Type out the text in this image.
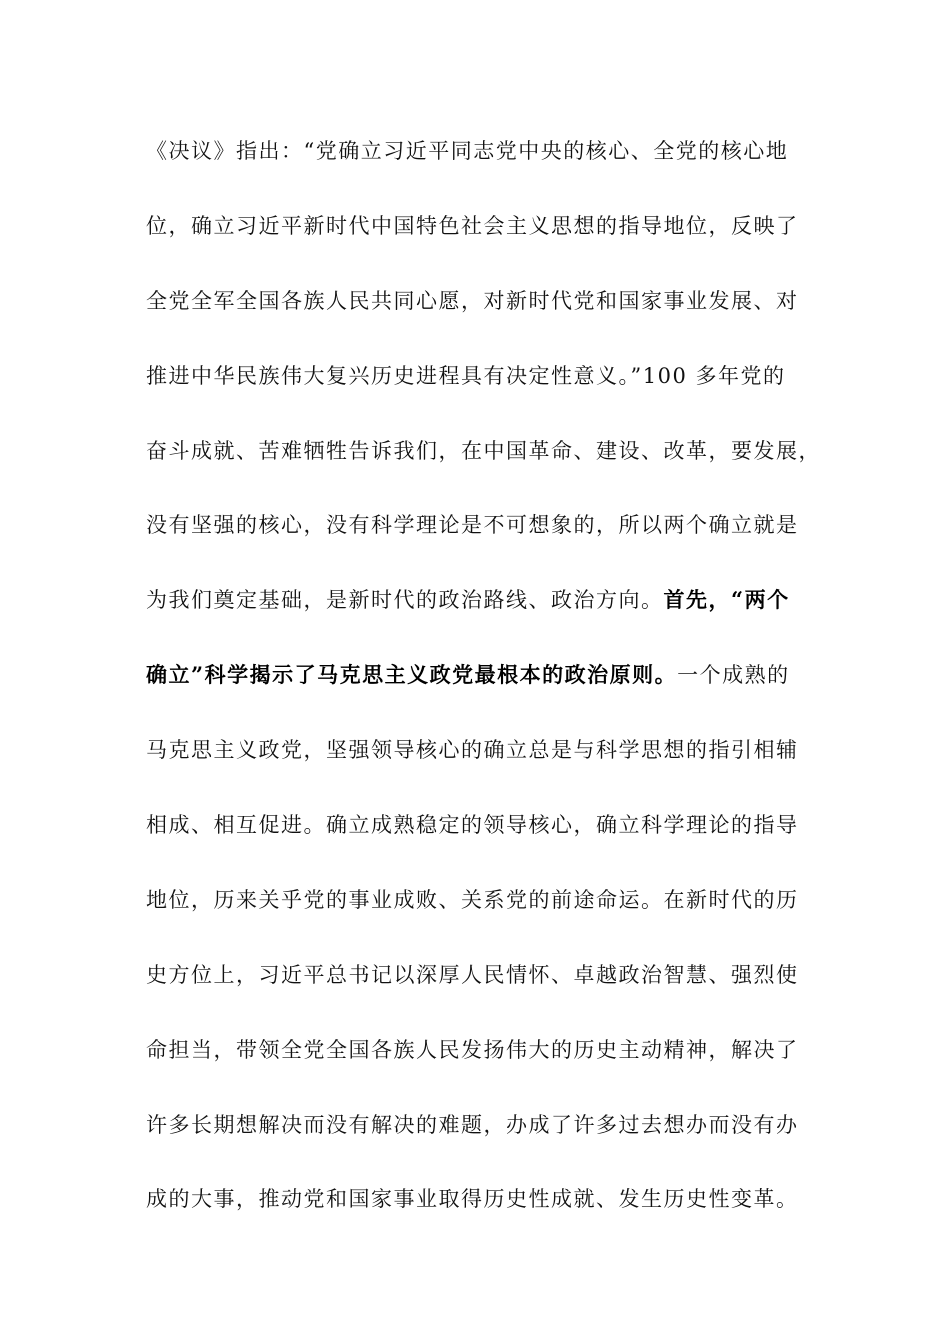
《决议》指出：“党确立习近平同志党中央的核心、全党的核心地
位，确立习近平新时代中国特色社会主义思想的指导地位，反映了
全党全军全国各族人民共同心愿，对新时代党和国家事业发展、对
推进中华民族伟大复兴历史进程具有决定性意义。”100 多年党的
奋斗成就、苦难牺牲告诉我们，在中国革命、建设、改革，要发展，
没有坚强的核心，没有科学理论是不可想象的，所以两个确立就是
为我们奠定基础，是新时代的政治路线、政治方向。首先，“两个
确立”科学揭示了马克思主义政党最根本的政治原则。一个成熟的
马克思主义政党，坚强领导核心的确立总是与科学思想的指引相辅
相成、相互促进。确立成熟稳定的领导核心，确立科学理论的指导
地位，历来关乎党的事业成败、关系党的前途命运。在新时代的历
史方位上，习近平总书记以深厚人民情怀、卓越政治智慧、强烈使
命担当，带领全党全国各族人民发扬伟大的历史主动精神，解决了
许多长期想解决而没有解决的难题，办成了许多过去想办而没有办
成的大事，推动党和国家事业取得历史性成就、发生历史性变革。
